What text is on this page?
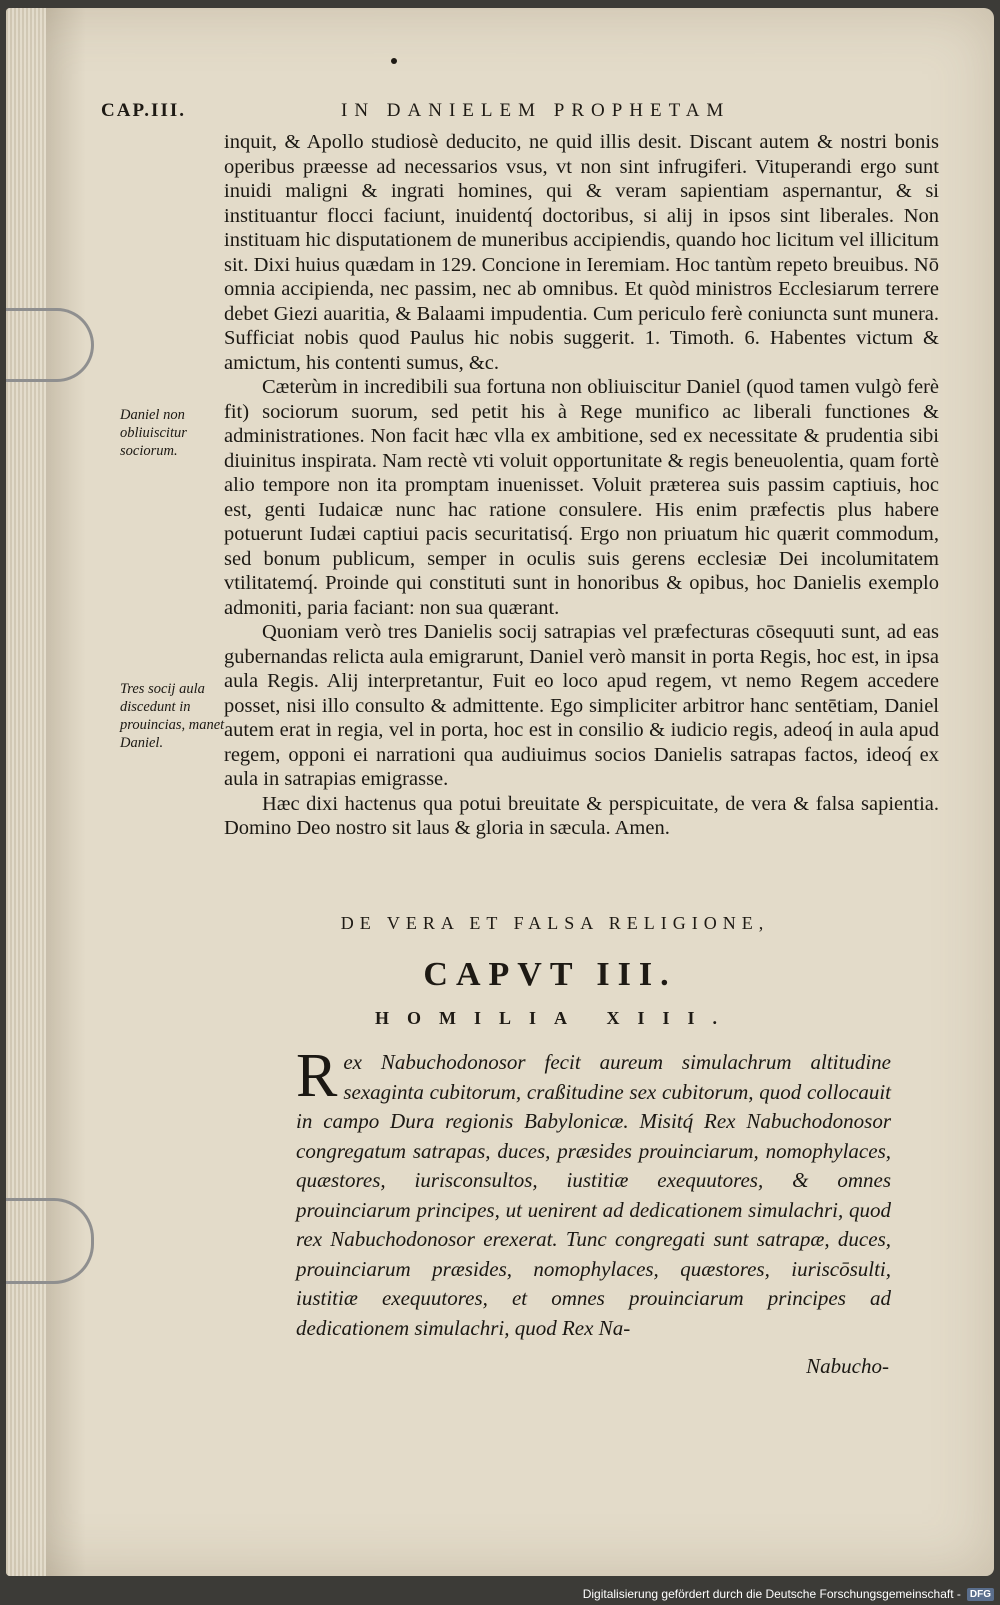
CAP.III.	IN DANIELEM PROPHETAM

inquit, & Apollo studiosè deducito, ne quid illis desit. Discant autem & nostri bonis operibus præesse ad necessarios vsus, vt non sint infrugiferi. Vituperandi ergo sunt inuidi maligni & ingrati homines, qui & veram sapientiam aspernantur, & si instituantur flocci faciunt, inuidentq́ doctoribus, si alij in ipsos sint liberales. Non instituam hic disputationem de muneribus accipiendis, quando hoc licitum vel illicitum sit. Dixi huius quædam in 129. Concione in Ieremiam. Hoc tantùm repeto breuibus. Nō omnia accipienda, nec passim, nec ab omnibus. Et quòd ministros Ecclesiarum terrere debet Giezi auaritia, & Balaami impudentia. Cum periculo ferè coniuncta sunt munera. Sufficiat nobis quod Paulus hic nobis suggerit. 1. Timoth. 6. Habentes victum & amictum, his contenti sumus, &c.

Cæterùm in incredibili sua fortuna non obliuiscitur Daniel (quod tamen vulgò ferè fit) sociorum suorum, sed petit his à Rege munifico ac liberali functiones & administrationes. Non facit hæc vlla ex ambitione, sed ex necessitate & prudentia sibi diuinitus inspirata. Nam rectè vti voluit opportunitate & regis beneuolentia, quam fortè alio tempore non ita promptam inuenisset. Voluit præterea suis passim captiuis, hoc est, genti Iudaicæ nunc hac ratione consulere. His enim præfectis plus habere potuerunt Iudæi captiui pacis securitatisq́. Ergo non priuatum hic quærit commodum, sed bonum publicum, semper in oculis suis gerens ecclesiæ Dei incolumitatem vtilitatemq́. Proinde qui constituti sunt in honoribus & opibus, hoc Danielis exemplo admoniti, paria faciant: non sua quærant.

Quoniam verò tres Danielis socij satrapias vel præfecturas cōsequuti sunt, ad eas gubernandas relicta aula emigrarunt, Daniel verò mansit in porta Regis, hoc est, in ipsa aula Regis. Alij interpretantur, Fuit eo loco apud regem, vt nemo Regem accedere posset, nisi illo consulto & admittente. Ego simpliciter arbitror hanc sentētiam, Daniel autem erat in regia, vel in porta, hoc est in consilio & iudicio regis, adeoq́ in aula apud regem, opponi ei narrationi qua audiuimus socios Danielis satrapas factos, ideoq́ ex aula in satrapias emigrasse.

Hæc dixi hactenus qua potui breuitate & perspicuitate, de vera & falsa sapientia. Domino Deo nostro sit laus & gloria in sæcula. Amen.

Daniel non obliuiscitur sociorum.
Tres socij aula discedunt in prouincias, manet Daniel.
DE VERA ET FALSA RELIGIONE,
CAPVT III.
HOMILIA XIII.

R ex Nabuchodonosor fecit aureum simulachrum altitudine sexaginta cubitorum, craßitudine sex cubitorum, quod collocauit in campo Dura regionis Babylonicæ. Misitq́ Rex Nabuchodonosor congregatum satrapas, duces, præsides prouinciarum, nomophylaces, quæstores, iurisconsultos, iustitiæ exequutores, & omnes prouinciarum principes, ut uenirent ad dedicationem simulachri, quod rex Nabuchodonosor erexerat. Tunc congregati sunt satrapæ, duces, prouinciarum præsides, nomophylaces, quæstores, iuriscōsulti, iustitiæ exequutores, et omnes prouinciarum principes ad dedicationem simulachri, quod Rex Na-

Nabucho-
Digitalisierung gefördert durch die Deutsche Forschungsgemeinschaft - DFG
